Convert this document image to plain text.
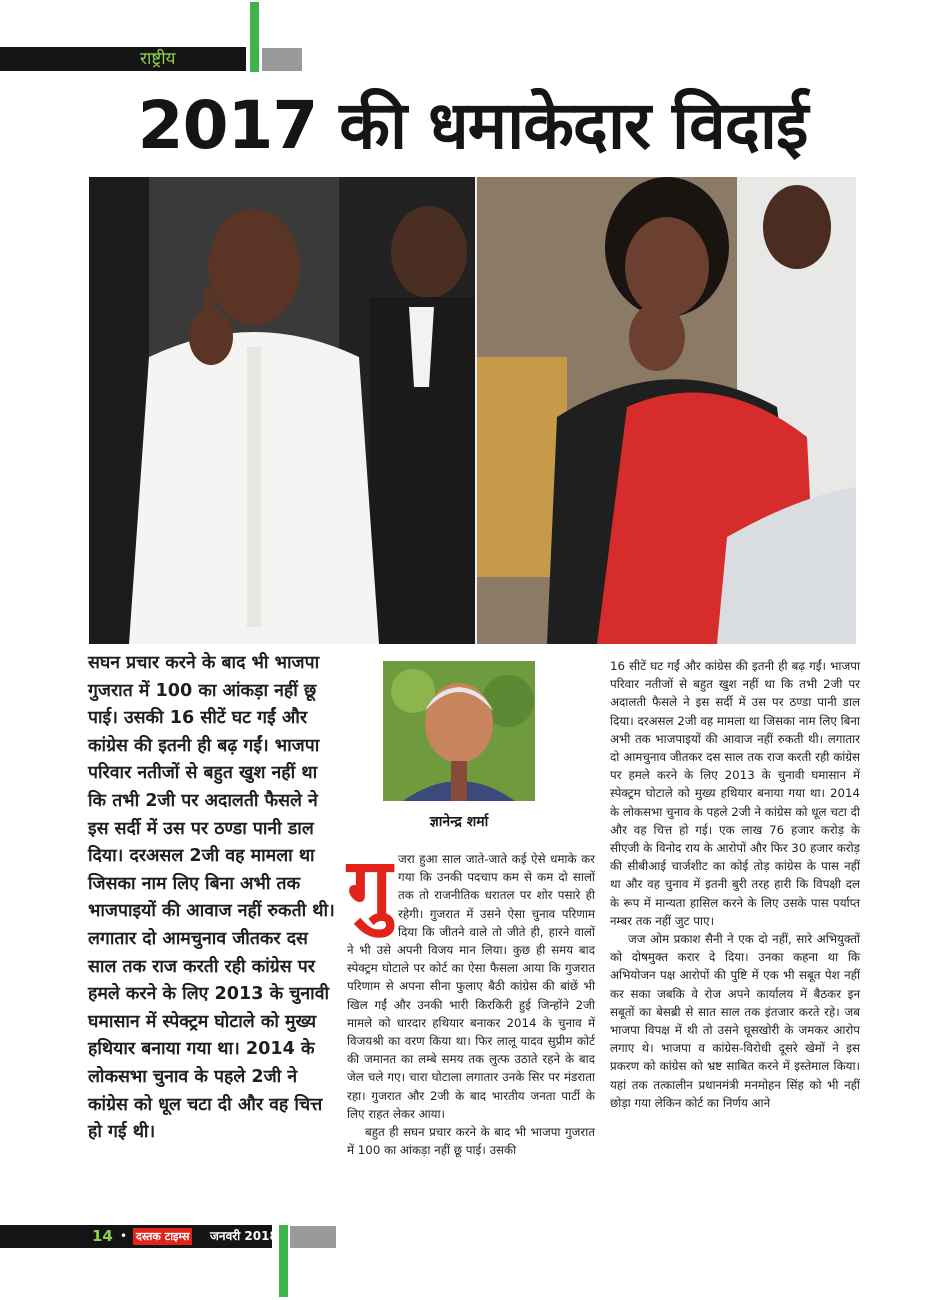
राष्ट्रीय
2017 की धमाकेदार विदाई

सघन प्रचार करने के बाद भी भाजपा गुजरात में 100 का आंकड़ा नहीं छू पाई। उसकी 16 सीटें घट गईं और कांग्रेस की इतनी ही बढ़ गईं। भाजपा परिवार नतीजों से बहुत खुश नहीं था कि तभी 2जी पर अदालती फैसले ने इस सर्दी में उस पर ठण्डा पानी डाल दिया। दरअसल 2जी वह मामला था जिसका नाम लिए बिना अभी तक भाजपाइयों की आवाज नहीं रुकती थी। लगातार दो आमचुनाव जीतकर दस साल तक राज करती रही कांग्रेस पर हमले करने के लिए 2013 के चुनावी घमासान में स्पेक्ट्रम घोटाले को मुख्य हथियार बनाया गया था। 2014 के लोकसभा चुनाव के पहले 2जी ने कांग्रेस को धूल चटा दी और वह चित्त हो गई थी।

ज्ञानेन्द्र शर्मा

गुजरा हुआ साल जाते-जाते कई ऐसे धमाके कर गया कि उनकी पदचाप कम से कम दो सालों तक तो राजनीतिक धरातल पर शोर पसारे ही रहेगी। गुजरात में उसने ऐसा चुनाव परिणाम दिया कि जीतने वाले तो जीते ही, हारने वालों ने भी उसे अपनी विजय मान लिया। कुछ ही समय बाद स्पेक्ट्रम घोटाले पर कोर्ट का ऐसा फैसला आया कि गुजरात परिणाम से अपना सीना फुलाए बैठी कांग्रेस की बांछें भी खिल गईं और उनकी भारी किरकिरी हुई जिन्होंने 2जी मामले को धारदार हथियार बनाकर 2014 के चुनाव में विजयश्री का वरण किया था। फिर लालू यादव सुप्रीम कोर्ट की जमानत का लम्बे समय तक लुत्फ उठाते रहने के बाद जेल चले गए। चारा घोटाला लगातार उनके सिर पर मंडराता रहा। गुजरात और 2जी के बाद भारतीय जनता पार्टी के लिए राहत लेकर आया।

बहुत ही सघन प्रचार करने के बाद भी भाजपा गुजरात में 100 का आंकड़ा नहीं छू पाई। उसकी

16 सीटें घट गईं और कांग्रेस की इतनी ही बढ़ गईं। भाजपा परिवार नतीजों से बहुत खुश नहीं था कि तभी 2जी पर अदालती फैसले ने इस सर्दी में उस पर ठण्डा पानी डाल दिया। दरअसल 2जी वह मामला था जिसका नाम लिए बिना अभी तक भाजपाइयों की आवाज नहीं रुकती थी। लगातार दो आमचुनाव जीतकर दस साल तक राज करती रही कांग्रेस पर हमले करने के लिए 2013 के चुनावी घमासान में स्पेक्ट्रम घोटाले को मुख्य हथियार बनाया गया था। 2014 के लोकसभा चुनाव के पहले 2जी ने कांग्रेस को धूल चटा दी और वह चित्त हो गई। एक लाख 76 हजार करोड़ के सीएजी के विनोद राय के आरोपों और फिर 30 हजार करोड़ की सीबीआई चार्जशीट का कोई तोड़ कांग्रेस के पास नहीं था और वह चुनाव में इतनी बुरी तरह हारी कि विपक्षी दल के रूप में मान्यता हासिल करने के लिए उसके पास पर्याप्त नम्बर तक नहीं जुट पाए।

जज ओम प्रकाश सैनी ने एक दो नहीं, सारे अभियुक्तों को दोषमुक्त करार दे दिया। उनका कहना था कि अभियोजन पक्ष आरोपों की पुष्टि में एक भी सबूत पेश नहीं कर सका जबकि वे रोज अपने कार्यालय में बैठकर इन सबूतों का बेसब्री से सात साल तक इंतजार करते रहे। जब भाजपा विपक्ष में थी तो उसने घूसखोरी के जमकर आरोप लगाए थे। भाजपा व कांग्रेस-विरोधी दूसरे खेमों ने इस प्रकरण को कांग्रेस को भ्रष्ट साबित करने में इस्तेमाल किया। यहां तक तत्कालीन प्रधानमंत्री मनमोहन सिंह को भी नहीं छोड़ा गया लेकिन कोर्ट का निर्णय आने

14 • दस्तक टाइम्स जनवरी 2018
